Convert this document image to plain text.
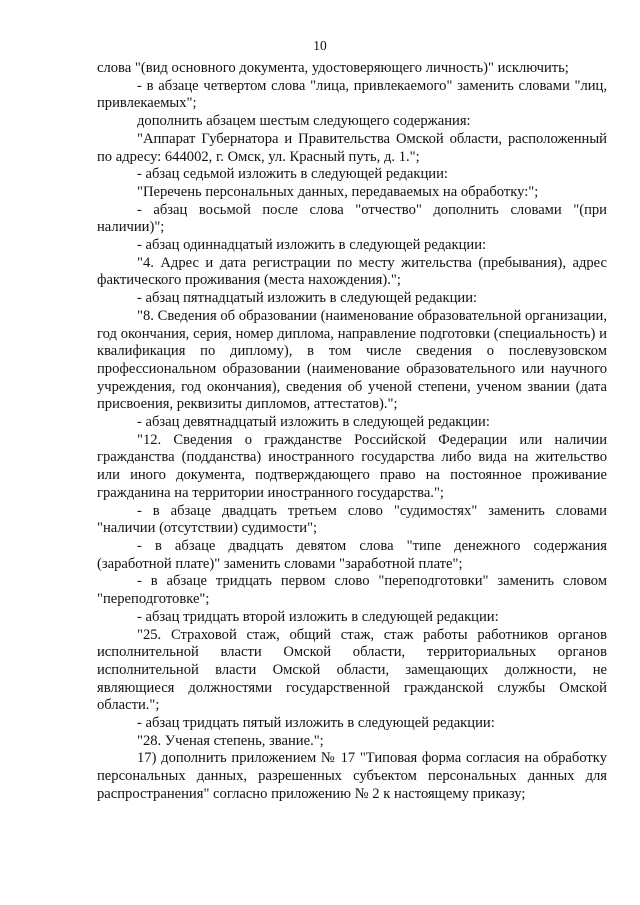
10

слова "(вид основного документа, удостоверяющего личность)" исключить;

- в абзаце четвертом слова "лица, привлекаемого" заменить словами "лиц, привлекаемых";

дополнить абзацем шестым следующего содержания:

"Аппарат Губернатора и Правительства Омской области, расположенный по адресу: 644002, г. Омск, ул. Красный путь, д. 1.";

- абзац седьмой изложить в следующей редакции:

"Перечень персональных данных, передаваемых на обработку:";

- абзац восьмой после слова "отчество" дополнить словами "(при наличии)";

- абзац одиннадцатый изложить в следующей редакции:

"4. Адрес и дата регистрации по месту жительства (пребывания), адрес фактического проживания (места нахождения).";

- абзац пятнадцатый изложить в следующей редакции:

"8. Сведения об образовании (наименование образовательной организации, год окончания, серия, номер диплома, направление подготовки (специальность) и квалификация по диплому), в том числе сведения о послевузовском профессиональном образовании (наименование образовательного или научного учреждения, год окончания), сведения об ученой степени, ученом звании (дата присвоения, реквизиты дипломов, аттестатов).";

- абзац девятнадцатый изложить в следующей редакции:

"12. Сведения о гражданстве Российской Федерации или наличии гражданства (подданства) иностранного государства либо вида на жительство или иного документа, подтверждающего право на постоянное проживание гражданина на территории иностранного государства.";

- в абзаце двадцать третьем слово "судимостях" заменить словами "наличии (отсутствии) судимости";

- в абзаце двадцать девятом слова "типе денежного содержания (заработной плате)" заменить словами "заработной плате";

- в абзаце тридцать первом слово "переподготовки" заменить словом "переподготовке";

- абзац тридцать второй изложить в следующей редакции:

"25. Страховой стаж, общий стаж, стаж работы работников органов исполнительной власти Омской области, территориальных органов исполнительной власти Омской области, замещающих должности, не являющиеся должностями государственной гражданской службы Омской области.";

- абзац тридцать пятый изложить в следующей редакции:

"28. Ученая степень, звание.";

17) дополнить приложением № 17 "Типовая форма согласия на обработку персональных данных, разрешенных субъектом персональных данных для распространения" согласно приложению № 2 к настоящему приказу;
